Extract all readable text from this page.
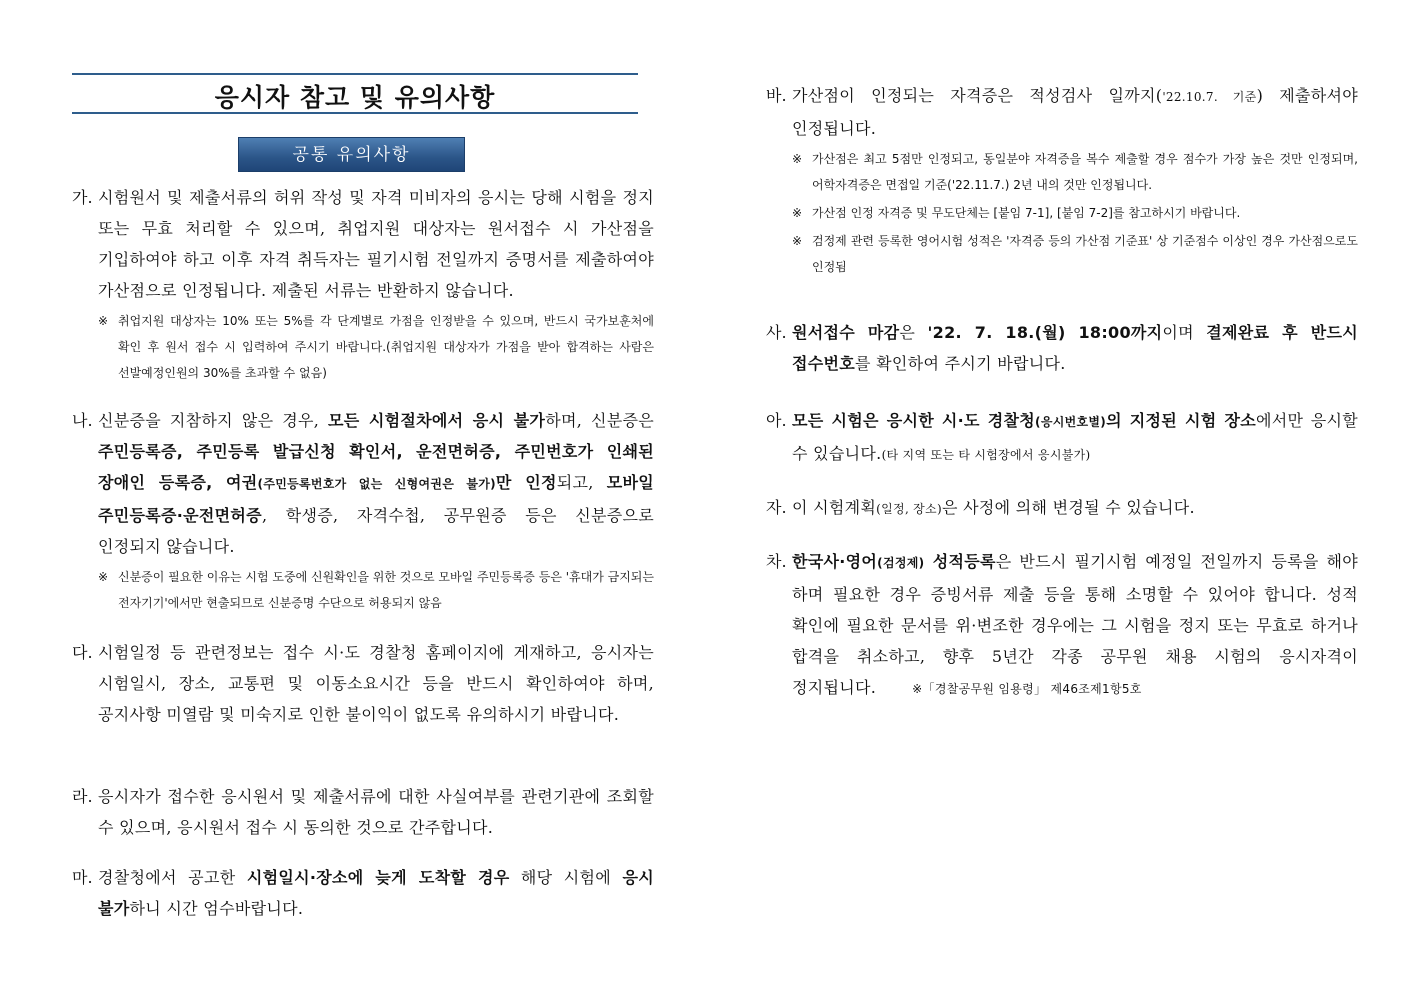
응시자 참고 및 유의사항
공통 유의사항
가. 시험원서 및 제출서류의 허위 작성 및 자격 미비자의 응시는 당해 시험을 정지 또는 무효 처리할 수 있으며, 취업지원 대상자는 원서접수 시 가산점을 기입하여야 하고 이후 자격 취득자는 필기시험 전일까지 증명서를 제출하여야 가산점으로 인정됩니다. 제출된 서류는 반환하지 않습니다.
※ 취업지원 대상자는 10% 또는 5%를 각 단계별로 가점을 인정받을 수 있으며, 반드시 국가보훈처에 확인 후 원서 접수 시 입력하여 주시기 바랍니다.(취업지원 대상자가 가점을 받아 합격하는 사람은 선발예정인원의 30%를 초과할 수 없음)
나. 신분증을 지참하지 않은 경우, 모든 시험절차에서 응시 불가하며, 신분증은 주민등록증, 주민등록 발급신청 확인서, 운전면허증, 주민번호가 인쇄된 장애인 등록증, 여권(주민등록번호가 없는 신형여권은 불가)만 인정되고, 모바일 주민등록증·운전면허증, 학생증, 자격수첩, 공무원증 등은 신분증으로 인정되지 않습니다.
※ 신분증이 필요한 이유는 시험 도중에 신원확인을 위한 것으로 모바일 주민등록증 등은 '휴대가 금지되는 전자기기'에서만 현출되므로 신분증명 수단으로 허용되지 않음
다. 시험일정 등 관련정보는 접수 시·도 경찰청 홈페이지에 게재하고, 응시자는 시험일시, 장소, 교통편 및 이동소요시간 등을 반드시 확인하여야 하며, 공지사항 미열람 및 미숙지로 인한 불이익이 없도록 유의하시기 바랍니다.
라. 응시자가 접수한 응시원서 및 제출서류에 대한 사실여부를 관련기관에 조회할 수 있으며, 응시원서 접수 시 동의한 것으로 간주합니다.
마. 경찰청에서 공고한 시험일시·장소에 늦게 도착할 경우 해당 시험에 응시 불가하니 시간 엄수바랍니다.
바. 가산점이 인정되는 자격증은 적성검사 일까지('22.10.7. 기준) 제출하셔야 인정됩니다.
※ 가산점은 최고 5점만 인정되고, 동일분야 자격증을 복수 제출할 경우 점수가 가장 높은 것만 인정되며, 어학자격증은 면접일 기준('22.11.7.) 2년 내의 것만 인정됩니다.
※ 가산점 인정 자격증 및 무도단체는 [붙임 7-1], [붙임 7-2]를 참고하시기 바랍니다.
※ 검정제 관련 등록한 영어시험 성적은 '자격증 등의 가산점 기준표' 상 기준점수 이상인 경우 가산점으로도 인정됨
사. 원서접수 마감은 '22. 7. 18.(월) 18:00까지이며 결제완료 후 반드시 접수번호를 확인하여 주시기 바랍니다.
아. 모든 시험은 응시한 시·도 경찰청(응시번호별)의 지정된 시험 장소에서만 응시할 수 있습니다.(타 지역 또는 타 시험장에서 응시불가)
자. 이 시험계획(일정, 장소)은 사정에 의해 변경될 수 있습니다.
차. 한국사·영어(검정제) 성적등록은 반드시 필기시험 예정일 전일까지 등록을 해야 하며 필요한 경우 증빙서류 제출 등을 통해 소명할 수 있어야 합니다. 성적 확인에 필요한 문서를 위·변조한 경우에는 그 시험을 정지 또는 무효로 하거나 합격을 취소하고, 향후 5년간 각종 공무원 채용 시험의 응시자격이 정지됩니다.	※「경찰공무원 임용령」 제46조제1항5호
